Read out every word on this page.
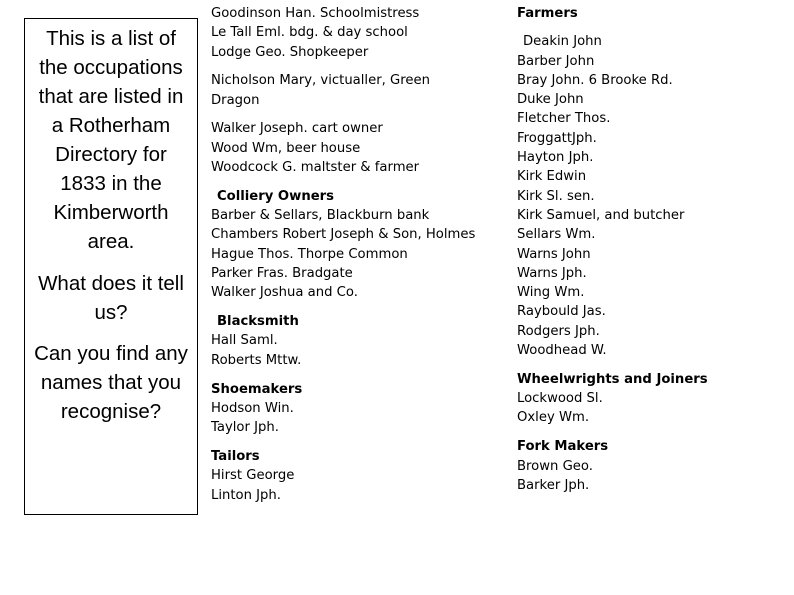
This is a list of the occupations that are listed in a Rotherham Directory for 1833 in the Kimberworth area.

What does it tell us?

Can you find any names that you recognise?

Goodinson Han. Schoolmistress
Le Tall Eml. bdg. & day school
Lodge Geo. Shopkeeper
Nicholson Mary, victualler, Green
Dragon
Walker Joseph. cart owner
Wood Wm, beer house
Woodcock G. maltster & farmer
Colliery Owners
Barber & Sellars, Blackburn bank
Chambers Robert Joseph & Son, Holmes
Hague Thos. Thorpe Common
Parker Fras. Bradgate
Walker Joshua and Co.
Blacksmith
Hall Saml.
Roberts Mttw.
Shoemakers
Hodson Win.
Taylor Jph.
Tailors
Hirst George
Linton Jph.
Farmers
Deakin John
Barber John
Bray John. 6 Brooke Rd.
Duke John
Fletcher Thos.
FroggattJph.
Hayton Jph.
Kirk Edwin
Kirk Sl. sen.
Kirk Samuel, and butcher
Sellars Wm.
Warns John
Warns Jph.
Wing Wm.
Raybould Jas.
Rodgers Jph.
Woodhead W.
Wheelwrights and Joiners
Lockwood Sl.
Oxley Wm.
Fork Makers
Brown Geo.
Barker Jph.
